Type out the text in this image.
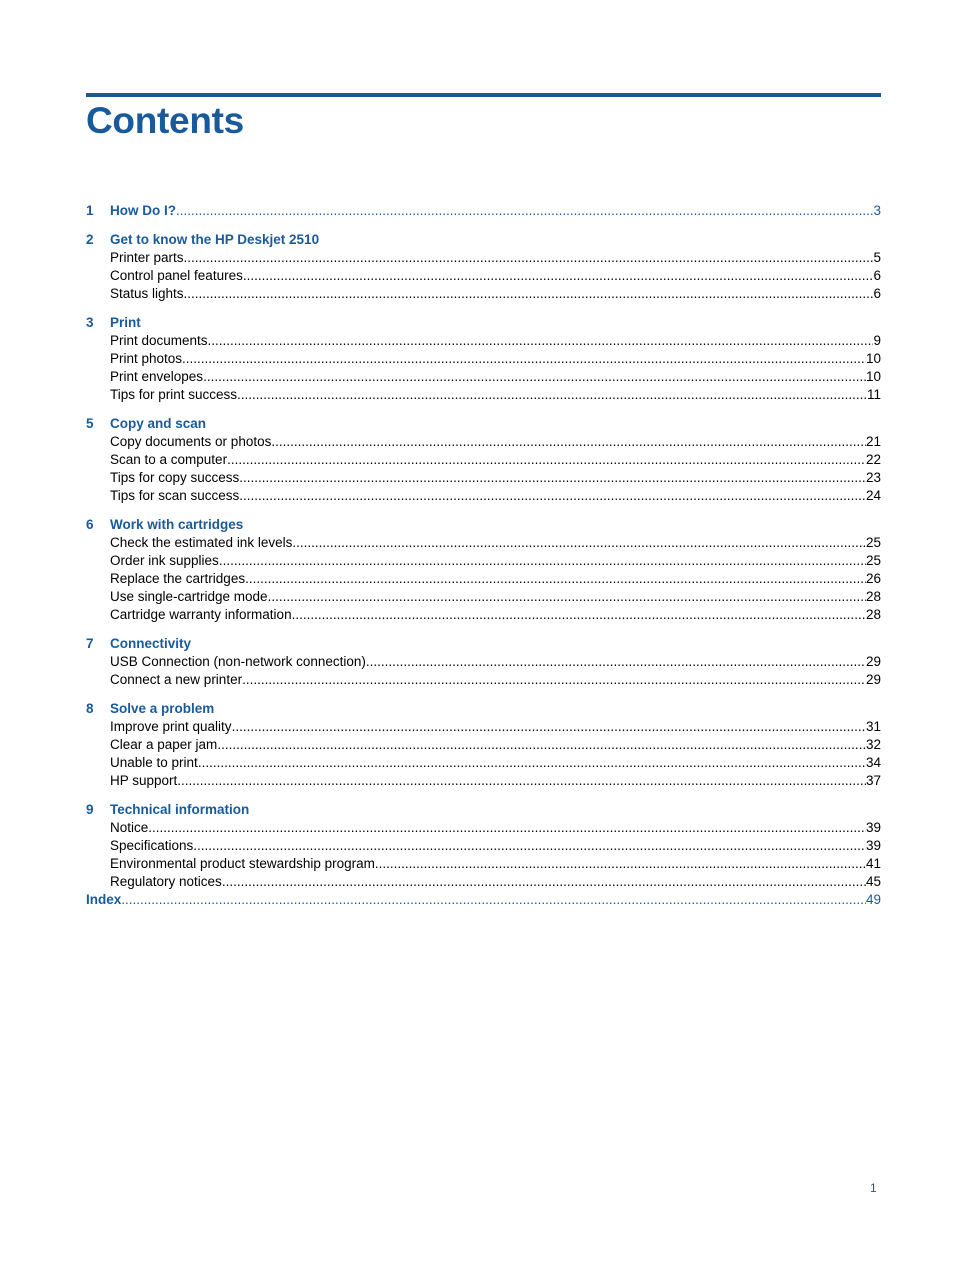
Contents
1	How Do I? .....	3
2	Get to know the HP Deskjet 2510
Printer parts .....	5
Control panel features .....	6
Status lights .....	6
3	Print
Print documents .....	9
Print photos .....	10
Print envelopes .....	10
Tips for print success .....	11
5	Copy and scan
Copy documents or photos .....	21
Scan to a computer .....	22
Tips for copy success .....	23
Tips for scan success .....	24
6	Work with cartridges
Check the estimated ink levels .....	25
Order ink supplies .....	25
Replace the cartridges .....	26
Use single-cartridge mode .....	28
Cartridge warranty information .....	28
7	Connectivity
USB Connection (non-network connection) .....	29
Connect a new printer .....	29
8	Solve a problem
Improve print quality .....	31
Clear a paper jam .....	32
Unable to print .....	34
HP support .....	37
9	Technical information
Notice .....	39
Specifications .....	39
Environmental product stewardship program .....	41
Regulatory notices .....	45
Index .....	49
1
